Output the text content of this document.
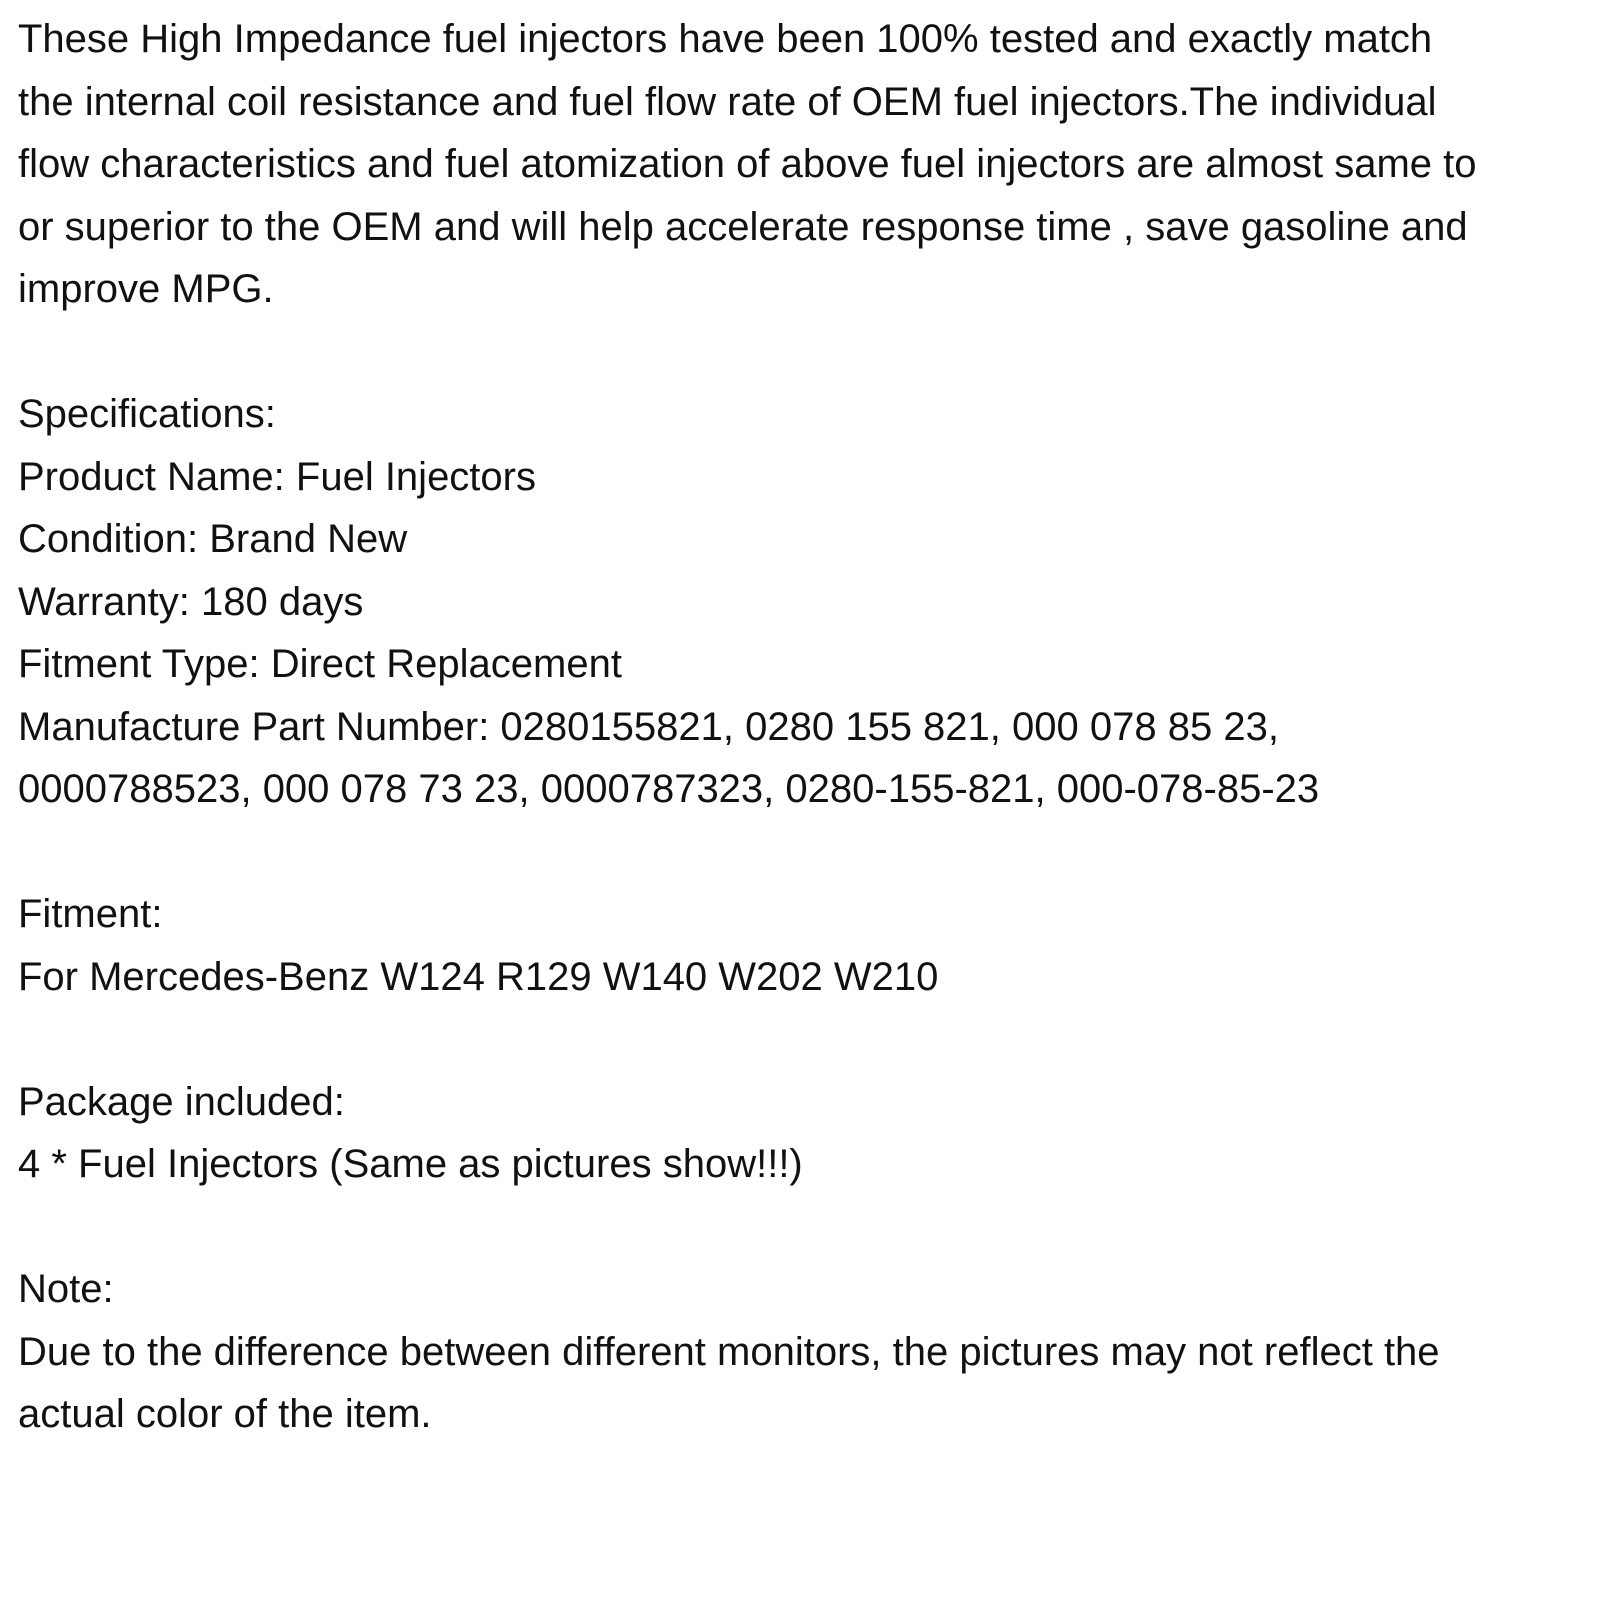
These High Impedance fuel injectors have been 100% tested and exactly match
the internal coil resistance and fuel flow rate of OEM fuel injectors.The individual
flow characteristics and fuel atomization of above fuel injectors are almost same to
or superior to the OEM and will help accelerate response time , save gasoline and
improve MPG.
Specifications:
Product Name: Fuel Injectors
Condition: Brand New
Warranty: 180 days
Fitment Type: Direct Replacement
Manufacture Part Number: 0280155821, 0280 155 821, 000 078 85 23,
0000788523, 000 078 73 23, 0000787323, 0280-155-821, 000-078-85-23
Fitment:
For Mercedes-Benz W124 R129 W140 W202 W210
Package included:
4 * Fuel Injectors (Same as pictures show!!!)
Note:
Due to the difference between different monitors, the pictures may not reflect the
actual color of the item.
